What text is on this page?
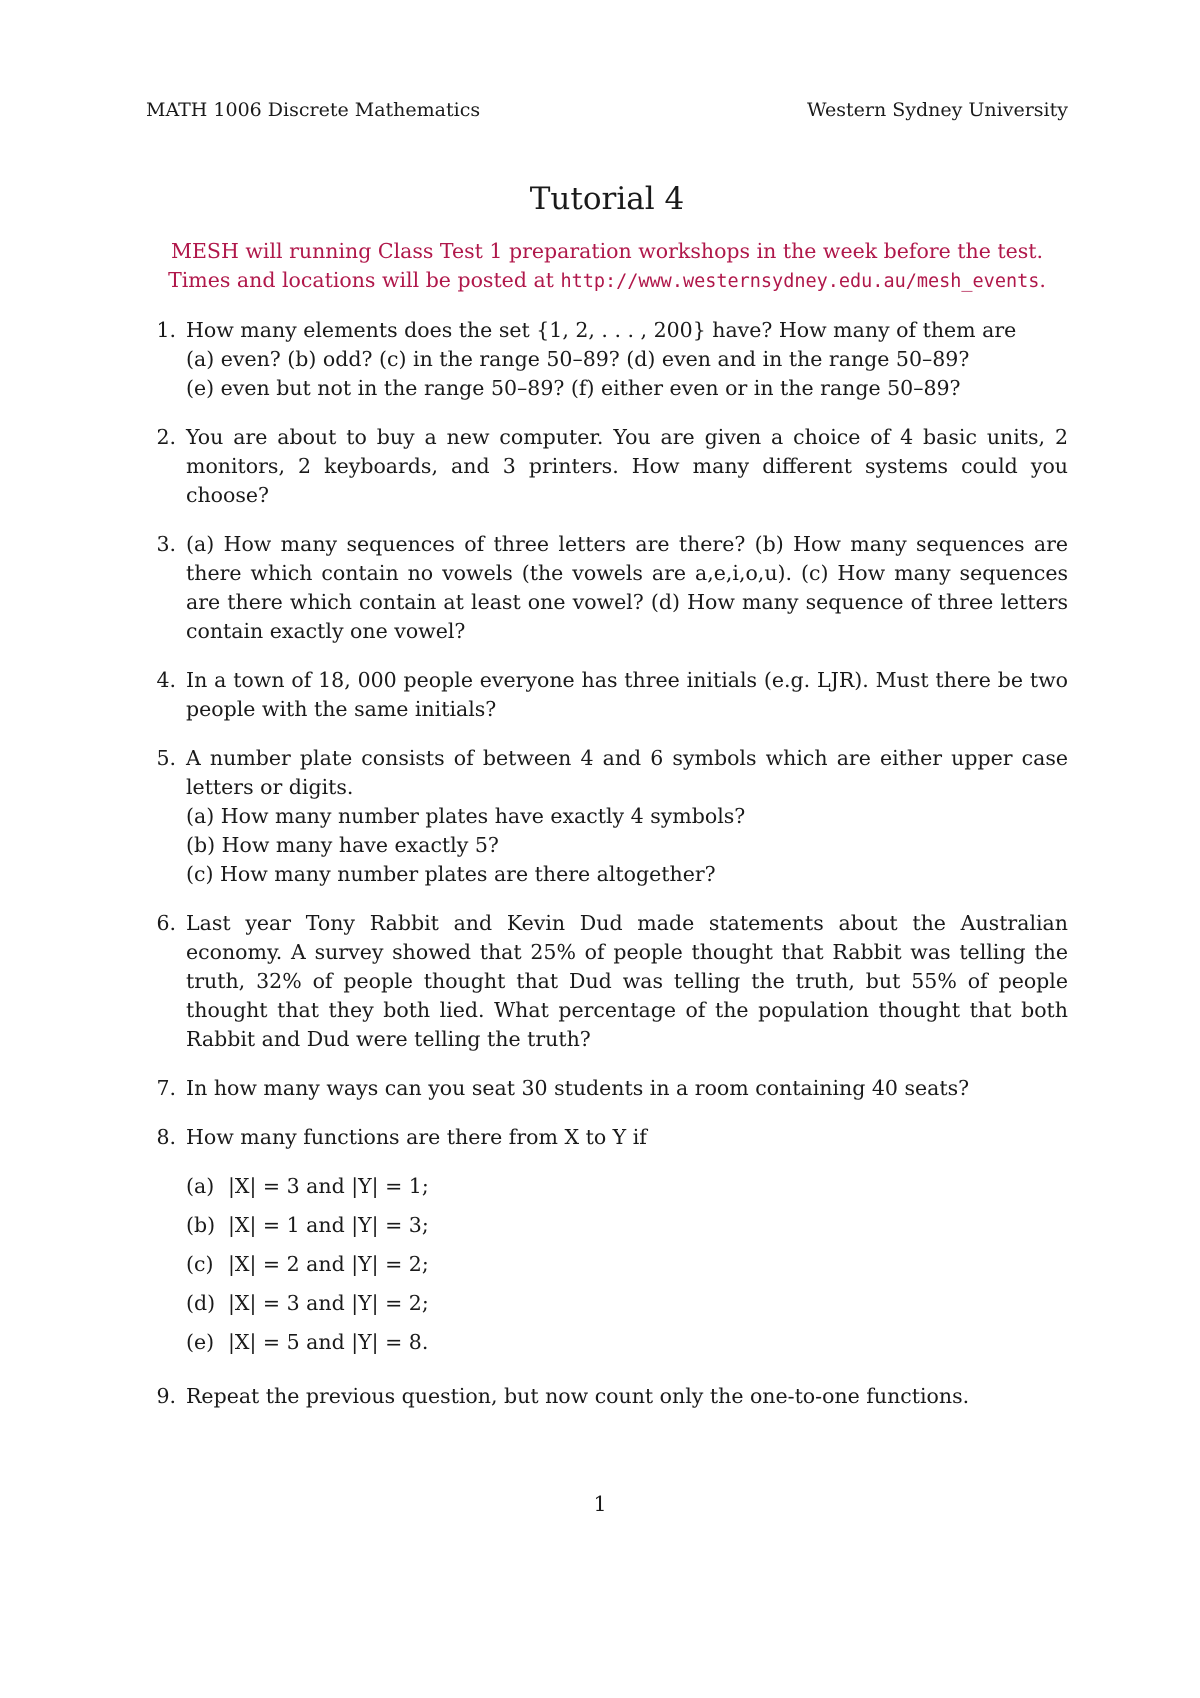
MATH 1006 Discrete Mathematics	Western Sydney University
Tutorial 4
MESH will running Class Test 1 preparation workshops in the week before the test.
Times and locations will be posted at http://www.westernsydney.edu.au/mesh_events.
1. How many elements does the set {1, 2, . . . , 200} have? How many of them are
(a) even? (b) odd? (c) in the range 50–89? (d) even and in the range 50–89?
(e) even but not in the range 50–89? (f) either even or in the range 50–89?
2. You are about to buy a new computer. You are given a choice of 4 basic units, 2 monitors, 2 keyboards, and 3 printers. How many different systems could you choose?
3. (a) How many sequences of three letters are there? (b) How many sequences are there which contain no vowels (the vowels are a,e,i,o,u). (c) How many sequences are there which contain at least one vowel? (d) How many sequence of three letters contain exactly one vowel?
4. In a town of 18, 000 people everyone has three initials (e.g. LJR). Must there be two people with the same initials?
5. A number plate consists of between 4 and 6 symbols which are either upper case letters or digits.
(a) How many number plates have exactly 4 symbols?
(b) How many have exactly 5?
(c) How many number plates are there altogether?
6. Last year Tony Rabbit and Kevin Dud made statements about the Australian economy. A survey showed that 25% of people thought that Rabbit was telling the truth, 32% of people thought that Dud was telling the truth, but 55% of people thought that they both lied. What percentage of the population thought that both Rabbit and Dud were telling the truth?
7. In how many ways can you seat 30 students in a room containing 40 seats?
8. How many functions are there from X to Y if
(a) |X| = 3 and |Y| = 1;
(b) |X| = 1 and |Y| = 3;
(c) |X| = 2 and |Y| = 2;
(d) |X| = 3 and |Y| = 2;
(e) |X| = 5 and |Y| = 8.
9. Repeat the previous question, but now count only the one-to-one functions.
1
